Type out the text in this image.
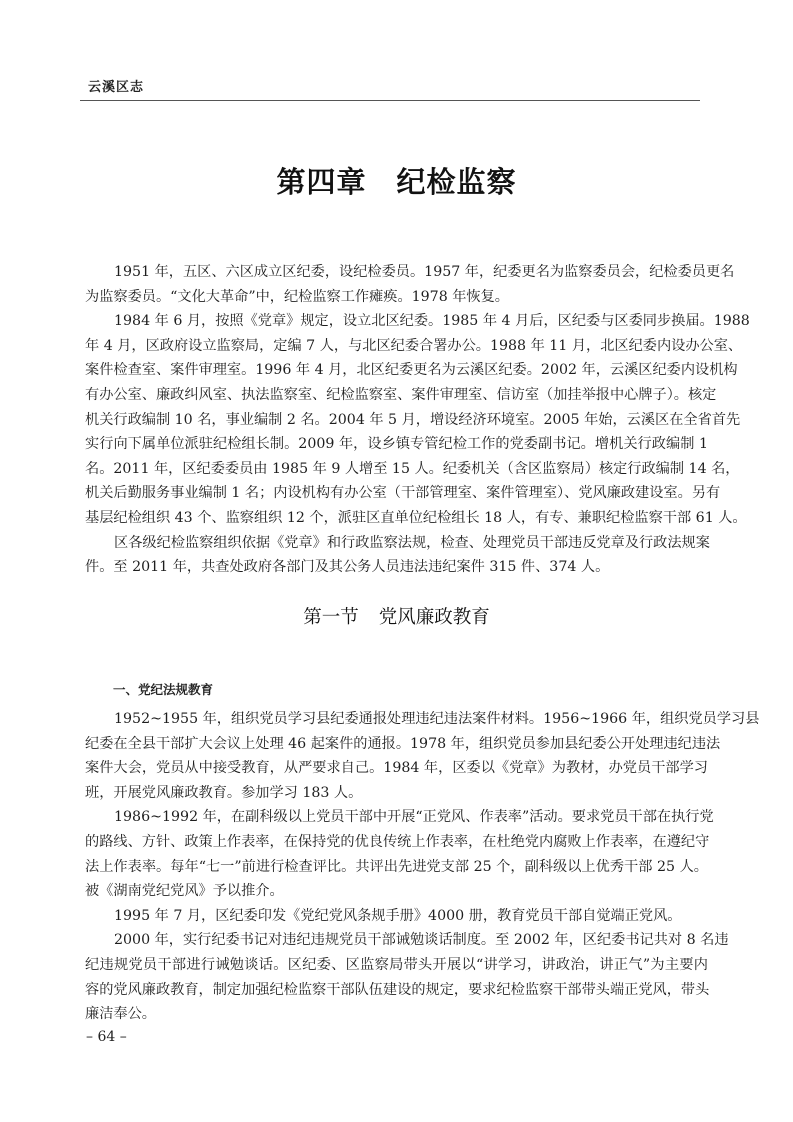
云溪区志
第四章 纪检监察
1951 年，五区、六区成立区纪委，设纪检委员。1957 年，纪委更名为监察委员会，纪检委员更名
为监察委员。“文化大革命”中，纪检监察工作瘫痪。1978 年恢复。
1984 年 6 月，按照《党章》规定，设立北区纪委。1985 年 4 月后，区纪委与区委同步换届。1988
年 4 月，区政府设立监察局，定编 7 人，与北区纪委合署办公。1988 年 11 月，北区纪委内设办公室、
案件检查室、案件审理室。1996 年 4 月，北区纪委更名为云溪区纪委。2002 年，云溪区纪委内设机构
有办公室、廉政纠风室、执法监察室、纪检监察室、案件审理室、信访室（加挂举报中心牌子）。核定
机关行政编制 10 名，事业编制 2 名。2004 年 5 月，增设经济环境室。2005 年始，云溪区在全省首先
实行向下属单位派驻纪检组长制。2009 年，设乡镇专管纪检工作的党委副书记。增机关行政编制 1
名。2011 年，区纪委委员由 1985 年 9 人增至 15 人。纪委机关（含区监察局）核定行政编制 14 名，
机关后勤服务事业编制 1 名；内设机构有办公室（干部管理室、案件管理室）、党风廉政建设室。另有
基层纪检组织 43 个、监察组织 12 个，派驻区直单位纪检组长 18 人，有专、兼职纪检监察干部 61 人。
区各级纪检监察组织依据《党章》和行政监察法规，检查、处理党员干部违反党章及行政法规案
件。至 2011 年，共查处政府各部门及其公务人员违法违纪案件 315 件、374 人。
第一节 党风廉政教育
一、党纪法规教育
1952~1955 年，组织党员学习县纪委通报处理违纪违法案件材料。1956~1966 年，组织党员学习县
纪委在全县干部扩大会议上处理 46 起案件的通报。1978 年，组织党员参加县纪委公开处理违纪违法
案件大会，党员从中接受教育，从严要求自己。1984 年，区委以《党章》为教材，办党员干部学习
班，开展党风廉政教育。参加学习 183 人。
1986~1992 年，在副科级以上党员干部中开展“正党风、作表率”活动。要求党员干部在执行党
的路线、方针、政策上作表率，在保持党的优良传统上作表率，在杜绝党内腐败上作表率，在遵纪守
法上作表率。每年“七一”前进行检查评比。共评出先进党支部 25 个，副科级以上优秀干部 25 人。
被《湖南党纪党风》予以推介。
1995 年 7 月，区纪委印发《党纪党风条规手册》4000 册，教育党员干部自觉端正党风。
2000 年，实行纪委书记对违纪违规党员干部诫勉谈话制度。至 2002 年，区纪委书记共对 8 名违
纪违规党员干部进行诫勉谈话。区纪委、区监察局带头开展以“讲学习，讲政治，讲正气”为主要内
容的党风廉政教育，制定加强纪检监察干部队伍建设的规定，要求纪检监察干部带头端正党风，带头
廉洁奉公。
– 64 –
